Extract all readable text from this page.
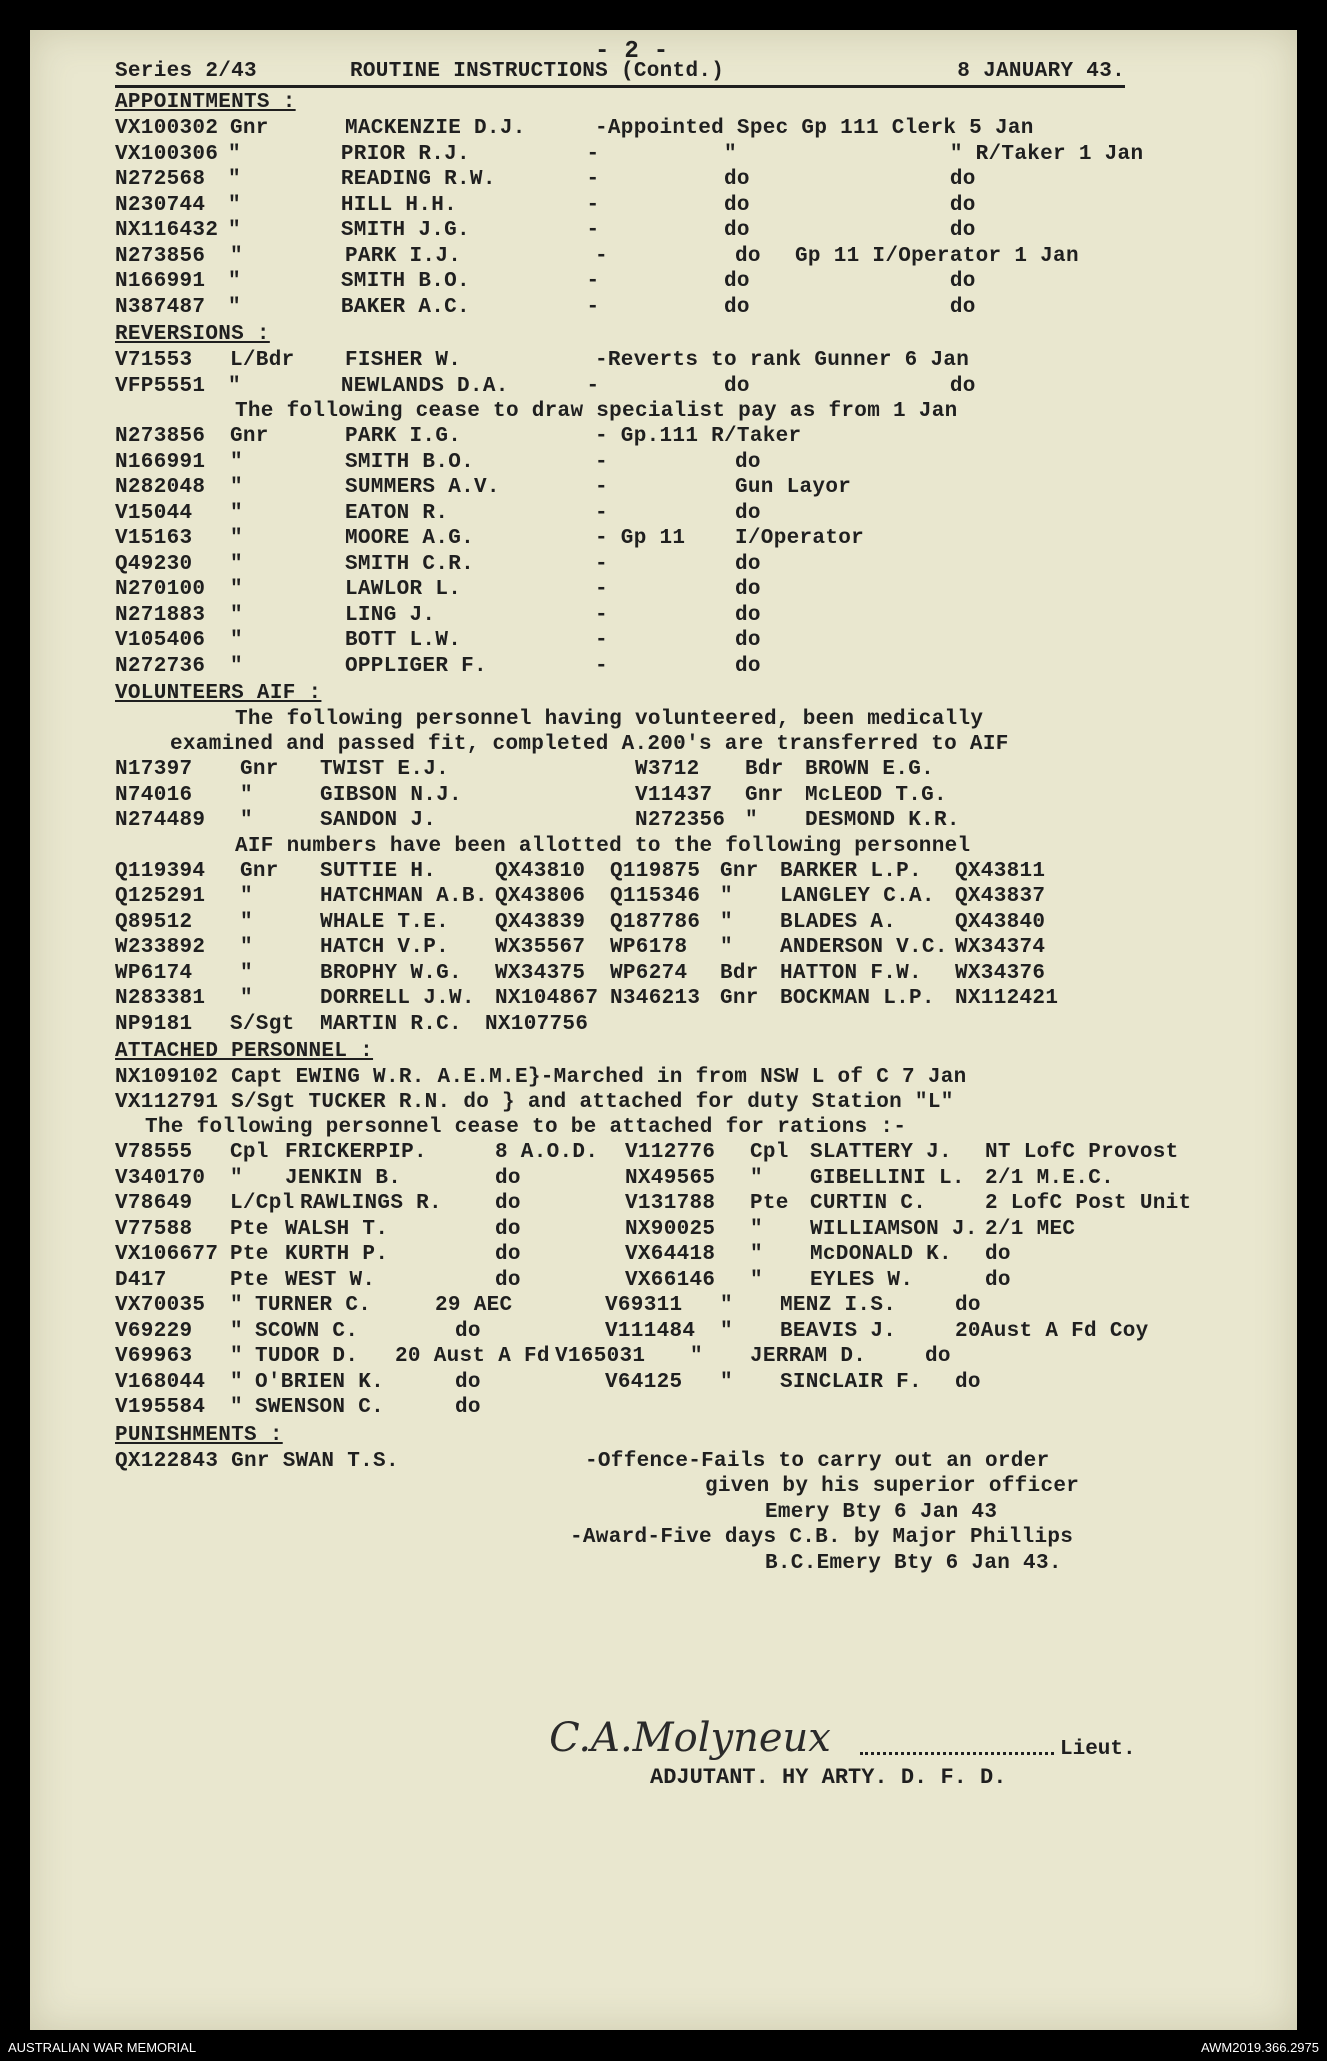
- 2 -
Series 2/43	ROUTINE INSTRUCTIONS (Contd.)	8 JANUARY 43.
APPOINTMENTS :
VX100302 Gnr	MACKENZIE D.J.	-Appointed Spec Gp 111 Clerk 5 Jan
VX100306 "	PRIOR R.J.	-	"	" R/Taker 1 Jan
N272568	"	READING R.W.	-	do	do
N230744	"	HILL H.H.	-	do	do
NX116432 "	SMITH J.G.	-	do	do
N273856	"	PARK I.J.	-	do	Gp 11 I/Operator 1 Jan
N166991	"	SMITH B.O.	-	do	do
N387487	"	BAKER A.C.	-	do	do
REVERSIONS :
V71553	L/Bdr	FISHER W.	-Reverts to rank Gunner 6 Jan
VFP5551	"	NEWLANDS D.A.	-	do	do
The following cease to draw specialist pay as from 1 Jan
N273856	Gnr	PARK I.G.	- Gp.111 R/Taker
N166991	"	SMITH B.O.	-	do
N282048	"	SUMMERS A.V.	-	Gun Layor
V15044	"	EATON R.	-	do
V15163	"	MOORE A.G.	- Gp 11	I/Operator
Q49230	"	SMITH C.R.	-	do
N270100	"	LAWLOR L.	-	do
N271883	"	LING J.	-	do
V105406	"	BOTT L.W.	-	do
N272736	"	OPPLIGER F.	-	do
VOLUNTEERS AIF :
The following personnel having volunteered, been medically
examined and passed fit, completed A.200's are transferred to AIF
N17397	Gnr	TWIST E.J.	W3712	Bdr	BROWN E.G.
N74016	"	GIBSON N.J.	V11437	Gnr	McLEOD T.G.
N274489	"	SANDON J.	N272356 "	DESMOND K.R.
AIF numbers have been allotted to the following personnel
Q119394	Gnr	SUTTIE H.	QX43810	Q119875 Gnr	BARKER L.P.	QX43811
Q125291	"	HATCHMAN A.B. QX43806	Q115346 "	LANGLEY C.A. QX43837
Q89512	"	WHALE T.E.	QX43839	Q187786 "	BLADES A.	QX43840
W233892	"	HATCH V.P.	WX35567	WP6178	"	ANDERSON V.C. WX34374
WP6174	"	BROPHY W.G.	WX34375	WP6274	Bdr	HATTON F.W.	WX34376
N283381	"	DORRELL J.W. NX104867 N346213 Gnr	BOCKMAN L.P. NX112421
NP9181	S/Sgt	MARTIN R.C.	NX107756
ATTACHED PERSONNEL :
NX109102 Capt EWING W.R. A.E.M.E}-Marched in from NSW L of C 7 Jan
VX112791 S/Sgt TUCKER R.N. do } and attached for duty Station "L"
The following personnel cease to be attached for rations :-
V78555	Cpl FRICKERPIP.	8 A.O.D.	V112776	Cpl	SLATTERY J.	NT LofC Provost
V340170	"	JENKIN B.	do	NX49565	"	GIBELLINI L. 2/1 M.E.C.
V78649	L/Cpl RAWLINGS R.	do	V131788	Pte	CURTIN C.	2 LofC Post Unit
V77588	Pte WALSH T.	do	NX90025	"	WILLIAMSON J. 2/1 MEC
VX106677 Pte KURTH P.	do	VX64418	"	McDONALD K.	do
D417	Pte WEST W.	do	VX66146	"	EYLES W.	do
VX70035	" TURNER C.	29 AEC	V69311	"	MENZ I.S.	do
V69229	" SCOWN C.	do	V111484	"	BEAVIS J.	20Aust A Fd Coy
V69963	" TUDOR D.	20 Aust A Fd V165031	"	JERRAM D.	do
V168044	" O'BRIEN K.	do	V64125	"	SINCLAIR F.	do
V195584	" SWENSON C.	do
PUNISHMENTS :
QX122843 Gnr SWAN T.S.	-Offence-Fails to carry out an order
given by his superior officer
Emery Bty 6 Jan 43
-Award-Five days C.B. by Major Phillips
B.C.Emery Bty 6 Jan 43.
C.A.Molyneux	Lieut.
ADJUTANT. HY ARTY. D. F. D.
AUSTRALIAN WAR MEMORIAL	AWM2019.366.2975
